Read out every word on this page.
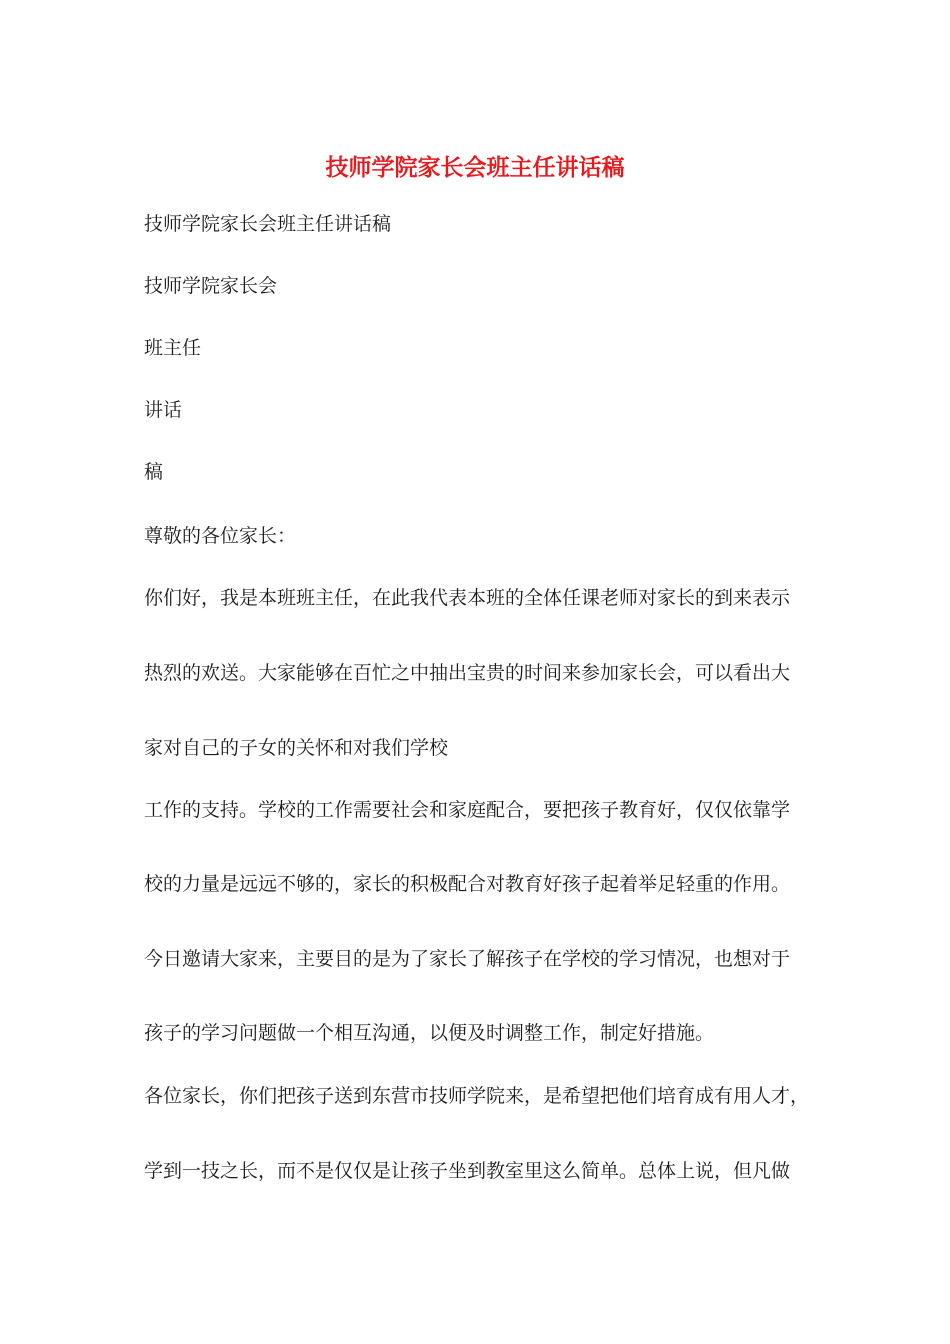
技师学院家长会班主任讲话稿

技师学院家长会班主任讲话稿

技师学院家长会

班主任

讲话

稿

尊敬的各位家长：

你们好，我是本班班主任，在此我代表本班的全体任课老师对家长的到来表示

热烈的欢送。大家能够在百忙之中抽出宝贵的时间来参加家长会，可以看出大

家对自己的子女的关怀和对我们学校

工作的支持。学校的工作需要社会和家庭配合，要把孩子教育好，仅仅依靠学

校的力量是远远不够的，家长的积极配合对教育好孩子起着举足轻重的作用。

今日邀请大家来，主要目的是为了家长了解孩子在学校的学习情况，也想对于

孩子的学习问题做一个相互沟通，以便及时调整工作，制定好措施。

各位家长，你们把孩子送到东营市技师学院来，是希望把他们培育成有用人才，

学到一技之长，而不是仅仅是让孩子坐到教室里这么简单。总体上说，但凡做
